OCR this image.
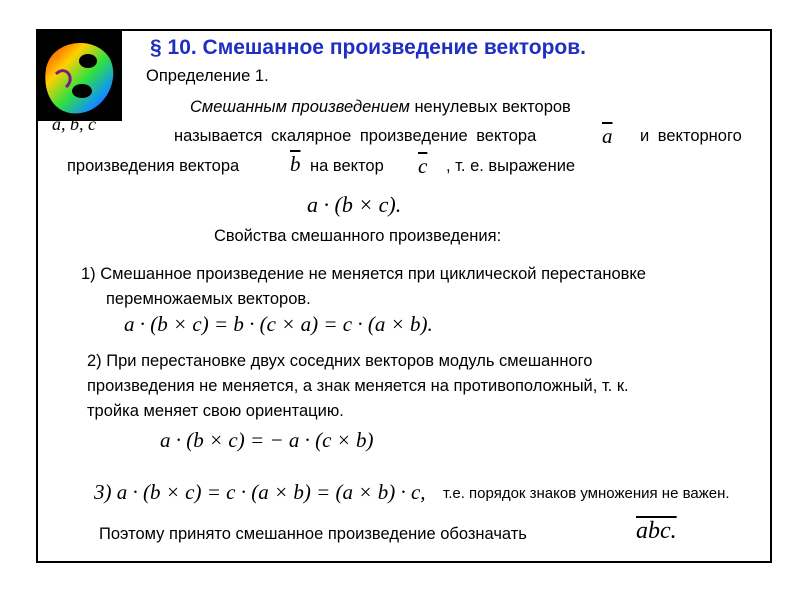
§ 10. Смешанное произведение векторов.
Определение 1.
Смешанным произведением ненулевых векторов
a, b, c
называется скалярное произведение вектора	$\overline{a}$ и векторного
произведения вектора $\overline{b}$ на вектор $\overline{c}$ , т. е. выражение
a · (b × c).
Свойства смешанного произведения:
1) Смешанное произведение не меняется при циклической перестановке
перемножаемых векторов.
a · (b × c) = b · (c × a) = c · (a × b).
2) При перестановке двух соседних векторов модуль смешанного
произведения не меняется, а знак меняется на противоположный, т. к.
тройка меняет свою ориентацию.
a · (b × c) = − a · (c × b)
3) a · (b × c) = c · (a × b) = (a × b) · c, т.е. порядок знаков умножения не важен.
Поэтому принято смешанное произведение обозначать	abc.
